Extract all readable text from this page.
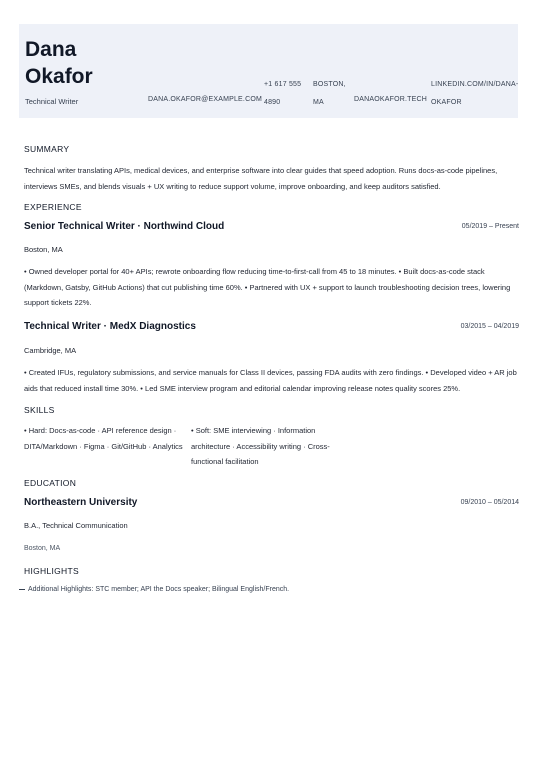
Dana
Okafor
Technical Writer	DANA.OKAFOR@EXAMPLE.COM
+1 617 555 4890
BOSTON, MA	DANAOKAFOR.TECH
LINKEDIN.COM/IN/DANA-OKAFOR
SUMMARY
Technical writer translating APIs, medical devices, and enterprise software into clear guides that speed adoption. Runs docs-as-code pipelines, interviews SMEs, and blends visuals + UX writing to reduce support volume, improve onboarding, and keep auditors satisfied.
EXPERIENCE
Senior Technical Writer · Northwind Cloud	05/2019 – Present
Boston, MA
• Owned developer portal for 40+ APIs; rewrote onboarding flow reducing time-to-first-call from 45 to 18 minutes. • Built docs-as-code stack (Markdown, Gatsby, GitHub Actions) that cut publishing time 60%. • Partnered with UX + support to launch troubleshooting decision trees, lowering support tickets 22%.
Technical Writer · MedX Diagnostics	03/2015 – 04/2019
Cambridge, MA
• Created IFUs, regulatory submissions, and service manuals for Class II devices, passing FDA audits with zero findings. • Developed video + AR job aids that reduced install time 30%. • Led SME interview program and editorial calendar improving release notes quality scores 25%.
SKILLS
• Hard: Docs-as-code · API reference design · DITA/Markdown · Figma · Git/GitHub · Analytics
• Soft: SME interviewing · Information architecture · Accessibility writing · Cross-functional facilitation
EDUCATION
Northeastern University	09/2010 – 05/2014
B.A., Technical Communication
Boston, MA
HIGHLIGHTS
Additional Highlights: STC member; API the Docs speaker; Bilingual English/French.
